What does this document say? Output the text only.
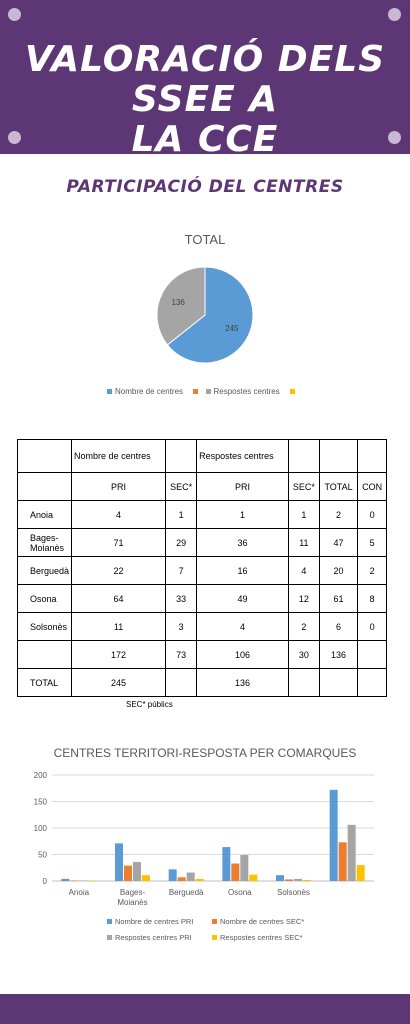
VALORACIÓ DELS SSEE A
LA CCE
PARTICIPACIÓ DEL CENTRES
TOTAL
245
136
Nombre de centres	Respostes centres
	Nombre de centres		Respostes centres			
	PRI	SEC*	PRI	SEC*	TOTAL	CON
Anoia	4	1	1	1	2	0
Bages-Moianès	71	29	36	11	47	5
Berguedà	22	7	16	4	20	2
Osona	64	33	49	12	61	8
Solsonès	11	3	4	2	6	0
	172	73	106	30	136	
TOTAL	245		136			
SEC* públics
CENTRES TERRITORI-RESPOSTA PER COMARQUES
0
50
100
150
200
Anoia	Bages-
Moianès
Berguedà	Osona	Solsonès
Nombre de centres PRI	Nombre de centres SEC*
Respostes centres PRI	Respostes centres SEC*
